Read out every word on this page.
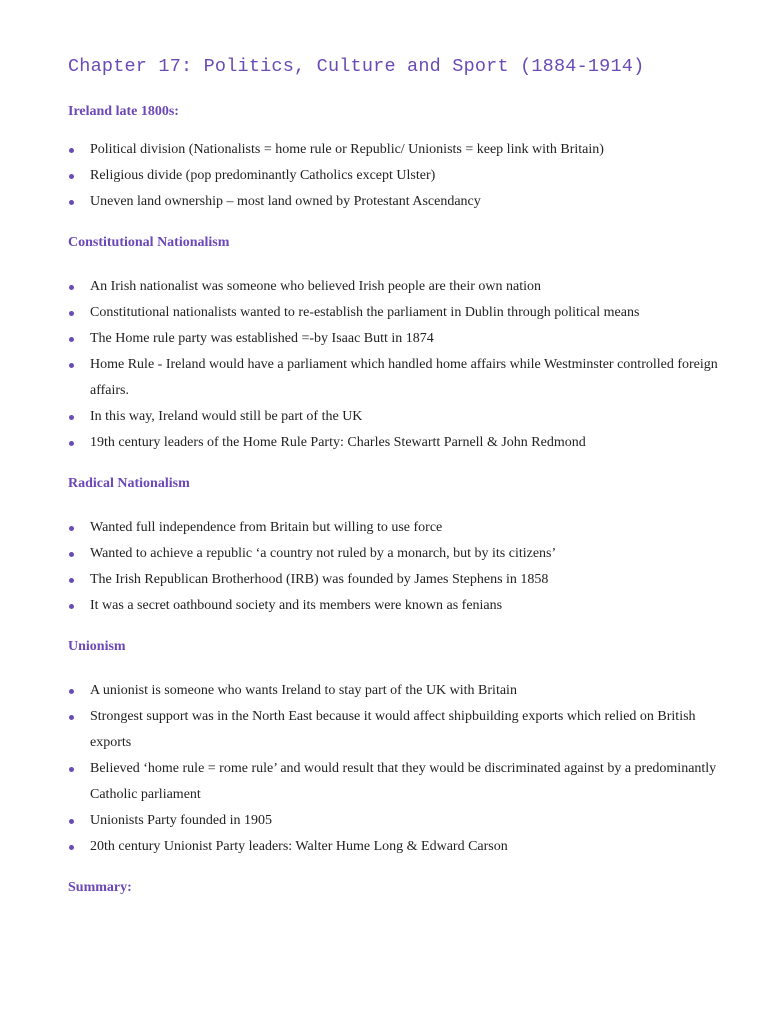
Chapter 17: Politics, Culture and Sport (1884-1914)
Ireland late 1800s:
Political division (Nationalists = home rule or Republic/ Unionists = keep link with Britain)
Religious divide (pop predominantly Catholics except Ulster)
Uneven land ownership – most land owned by Protestant Ascendancy
Constitutional Nationalism
An Irish nationalist was someone who believed Irish people are their own nation
Constitutional nationalists wanted to re-establish the parliament in Dublin through political means
The Home rule party was established =-by Isaac Butt in 1874
Home Rule - Ireland would have a parliament which handled home affairs while Westminster controlled foreign affairs.
In this way, Ireland would still be part of the UK
19th century leaders of the Home Rule Party: Charles Stewartt Parnell & John Redmond
Radical Nationalism
Wanted full independence from Britain but willing to use force
Wanted to achieve a republic ‘a country not ruled by a monarch, but by its citizens’
The Irish Republican Brotherhood (IRB) was founded by James Stephens in 1858
It was a secret oathbound society and its members were known as fenians
Unionism
A unionist is someone who wants Ireland to stay part of the UK with Britain
Strongest support was in the North East because it would affect shipbuilding exports which relied on British exports
Believed ‘home rule = rome rule’ and would result that they would be discriminated against by a predominantly Catholic parliament
Unionists Party founded in 1905
20th century Unionist Party leaders: Walter Hume Long & Edward Carson
Summary:
